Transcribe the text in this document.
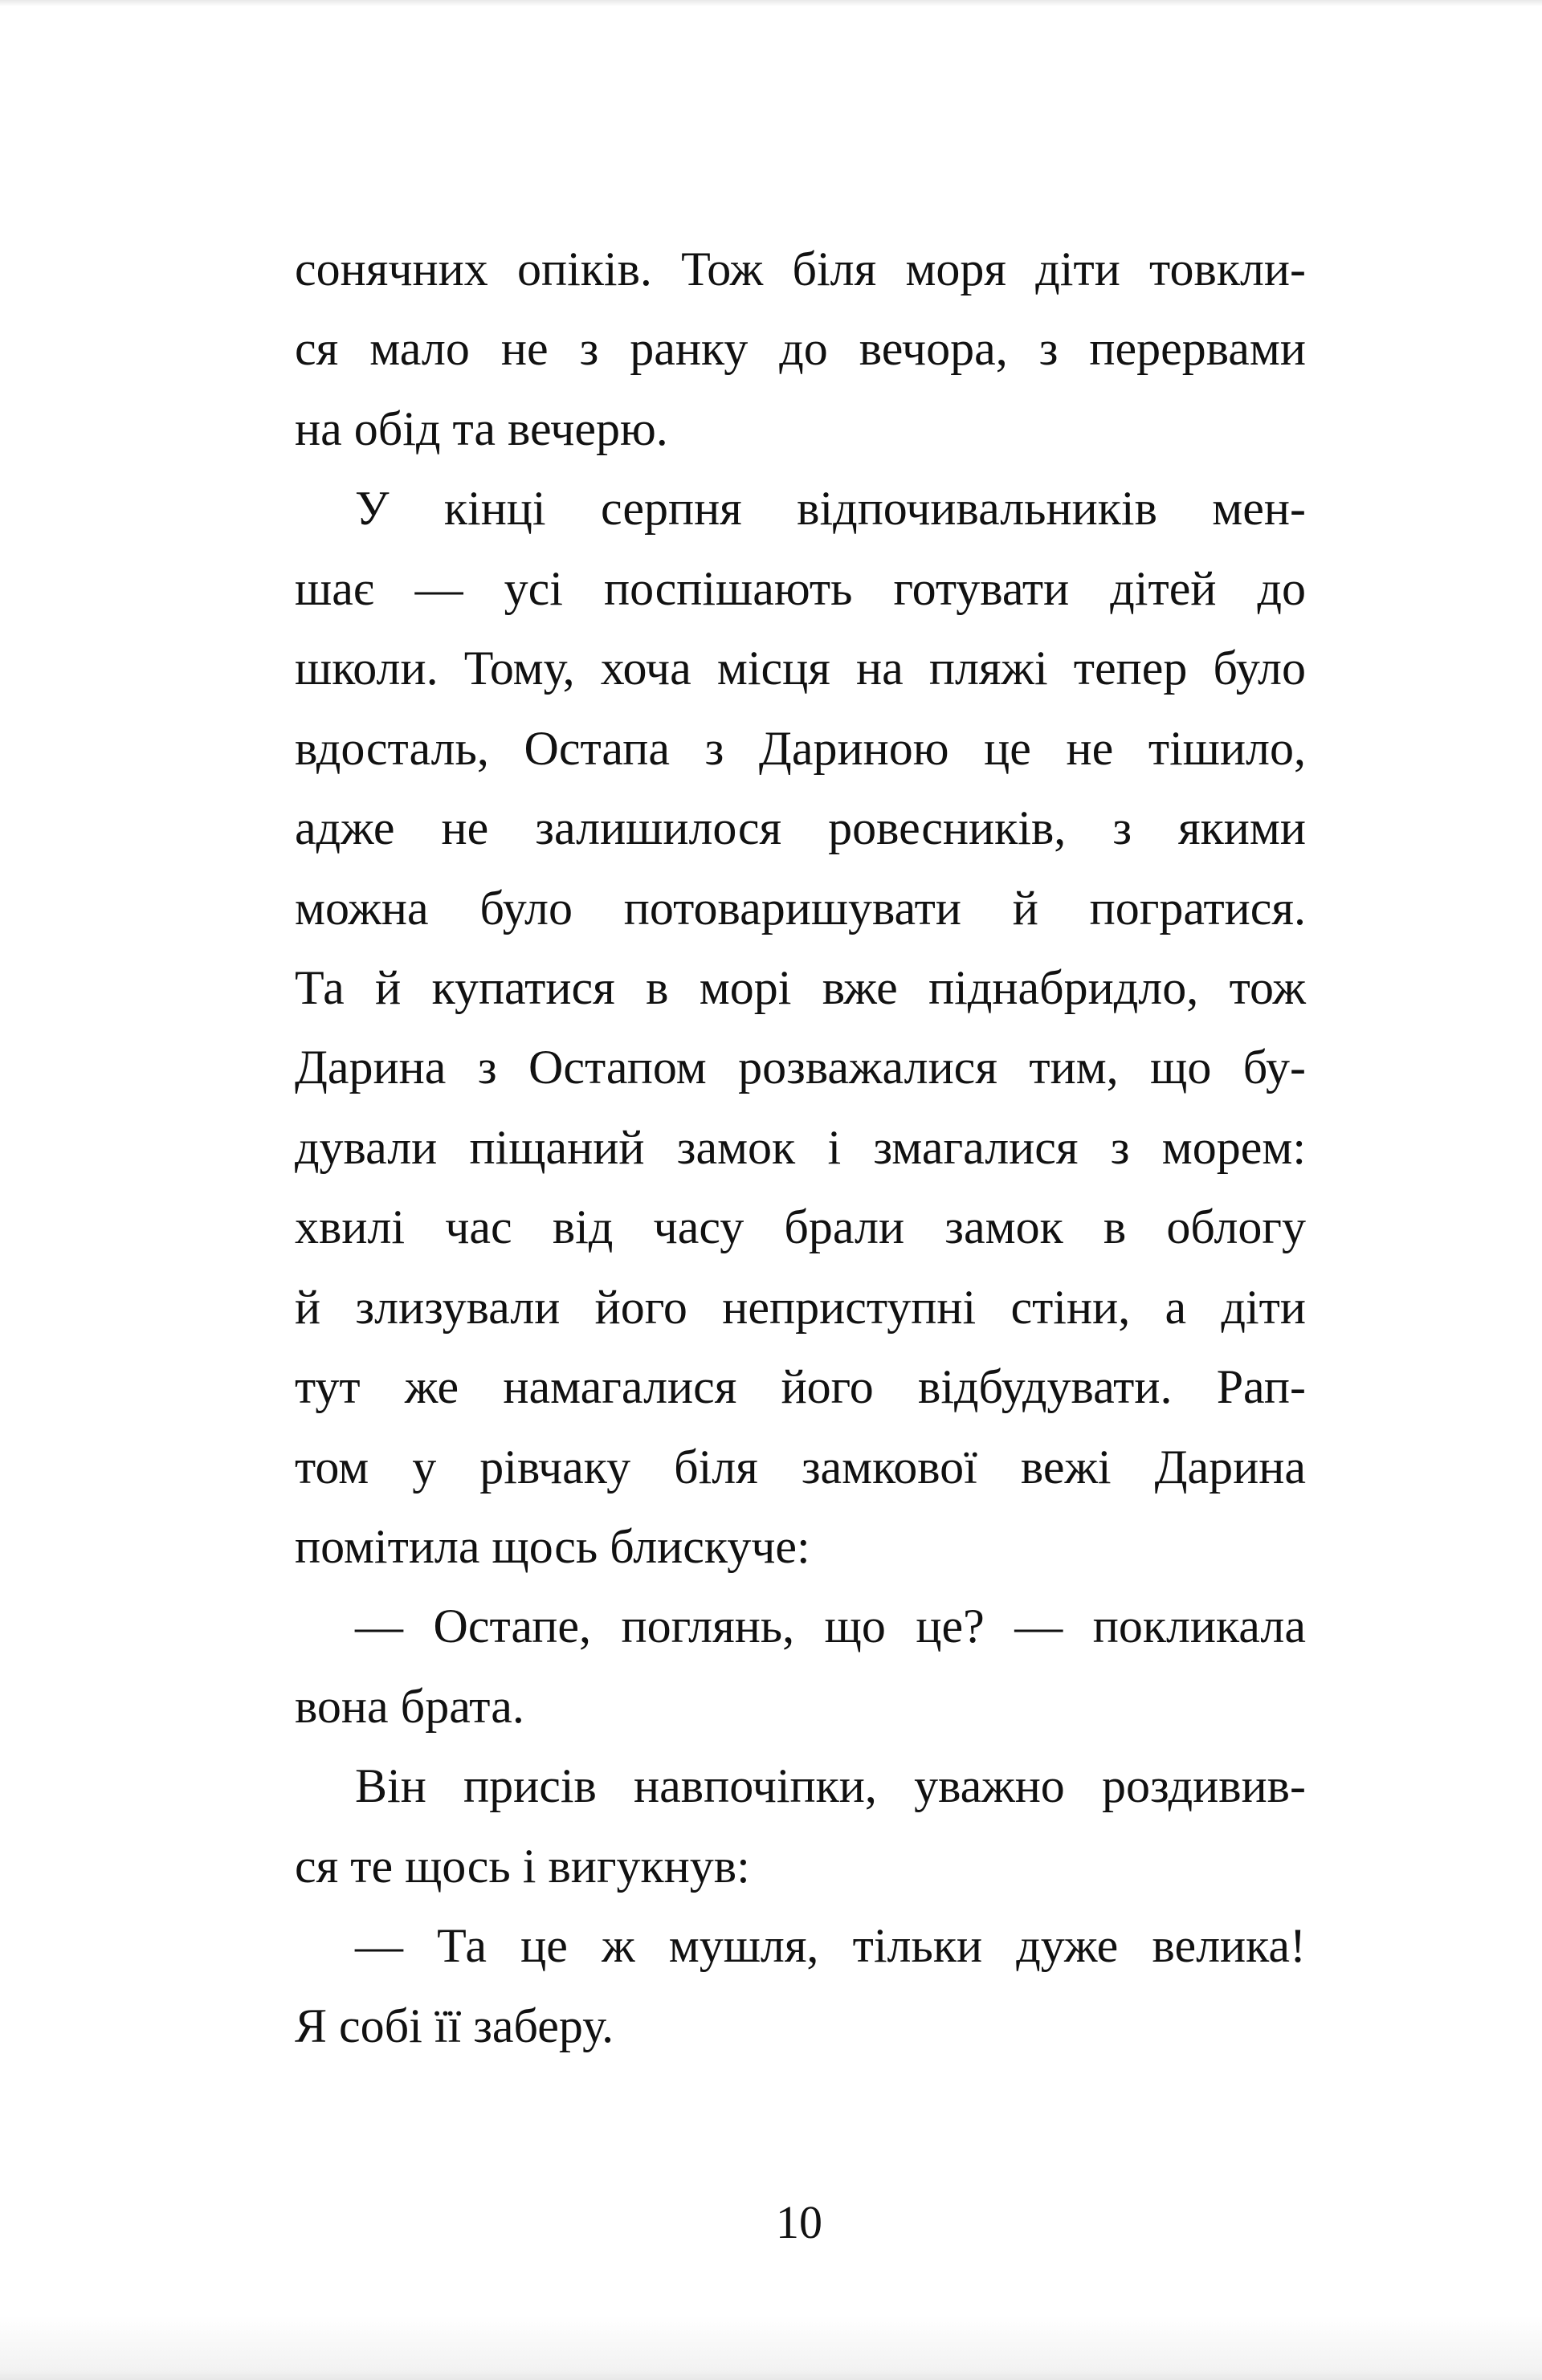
сонячних опіків. Тож біля моря діти товкли-
ся мало не з ранку до вечора, з перервами
на обід та вечерю.
У кінці серпня відпочивальників мен-
шає — усі поспішають готувати дітей до
школи. Тому, хоча місця на пляжі тепер було
вдосталь, Остапа з Дариною це не тішило,
адже не залишилося ровесників, з якими
можна було потоваришувати й погратися.
Та й купатися в морі вже піднабридло, тож
Дарина з Остапом розважалися тим, що бу-
дували піщаний замок і змагалися з морем:
хвилі час від часу брали замок в облогу
й злизували його неприступні стіни, а діти
тут же намагалися його відбудувати. Рап-
том у рівчаку біля замкової вежі Дарина
помітила щось блискуче:
— Остапе, поглянь, що це? — покликала
вона брата.
Він присів навпочіпки, уважно роздивив-
ся те щось і вигукнув:
— Та це ж мушля, тільки дуже велика!
Я собі її заберу.
10
